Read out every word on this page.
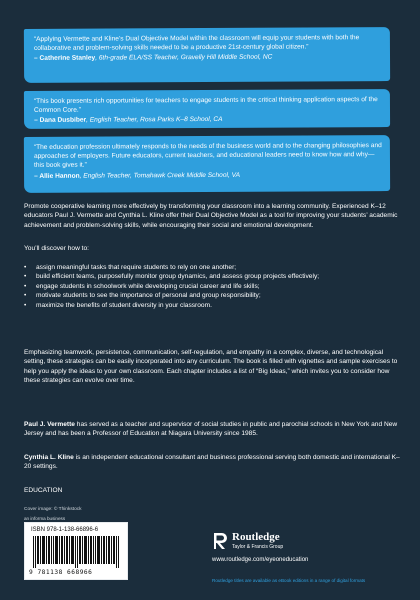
“Applying Vermette and Kline’s Dual Objective Model within the classroom will equip your students with both the collaborative and problem-solving skills needed to be a productive 21st-century global citizen.”
– Catherine Stanley, 6th-grade ELA/SS Teacher, Gravelly Hill Middle School, NC
“This book presents rich opportunities for teachers to engage students in the critical thinking application aspects of the Common Core.”
– Dana Dusbiber, English Teacher, Rosa Parks K–8 School, CA
“The education profession ultimately responds to the needs of the business world and to the changing philosophies and approaches of employers. Future educators, current teachers, and educational leaders need to know how and why—this book gives it.”
– Allie Hannon, English Teacher, Tomahawk Creek Middle School, VA
Promote cooperative learning more effectively by transforming your classroom into a learning community. Experienced K–12 educators Paul J. Vermette and Cynthia L. Kline offer their Dual Objective Model as a tool for improving your students’ academic achievement and problem-solving skills, while encouraging their social and emotional development.
You’ll discover how to:
• assign meaningful tasks that require students to rely on one another;
• build efficient teams, purposefully monitor group dynamics, and assess group projects effectively;
• engage students in schoolwork while developing crucial career and life skills;
• motivate students to see the importance of personal and group responsibility;
• maximize the benefits of student diversity in your classroom.
Emphasizing teamwork, persistence, communication, self-regulation, and empathy in a complex, diverse, and technological setting, these strategies can be easily incorporated into any curriculum. The book is filled with vignettes and sample exercises to help you apply the ideas to your own classroom. Each chapter includes a list of “Big Ideas,” which invites you to consider how these strategies can evolve over time.
Paul J. Vermette has served as a teacher and supervisor of social studies in public and parochial schools in New York and New Jersey and has been a Professor of Education at Niagara University since 1985.
Cynthia L. Kline is an independent educational consultant and business professional serving both domestic and international K–20 settings.
EDUCATION
Cover image: © Thinkstock
an informa business
ISBN 978-1-138-66896-6
9 781138 668966
Routledge
Taylor & Francis Group
www.routledge.com/eyeoneducation
Routledge titles are available as eBook editions in a range of digital formats
